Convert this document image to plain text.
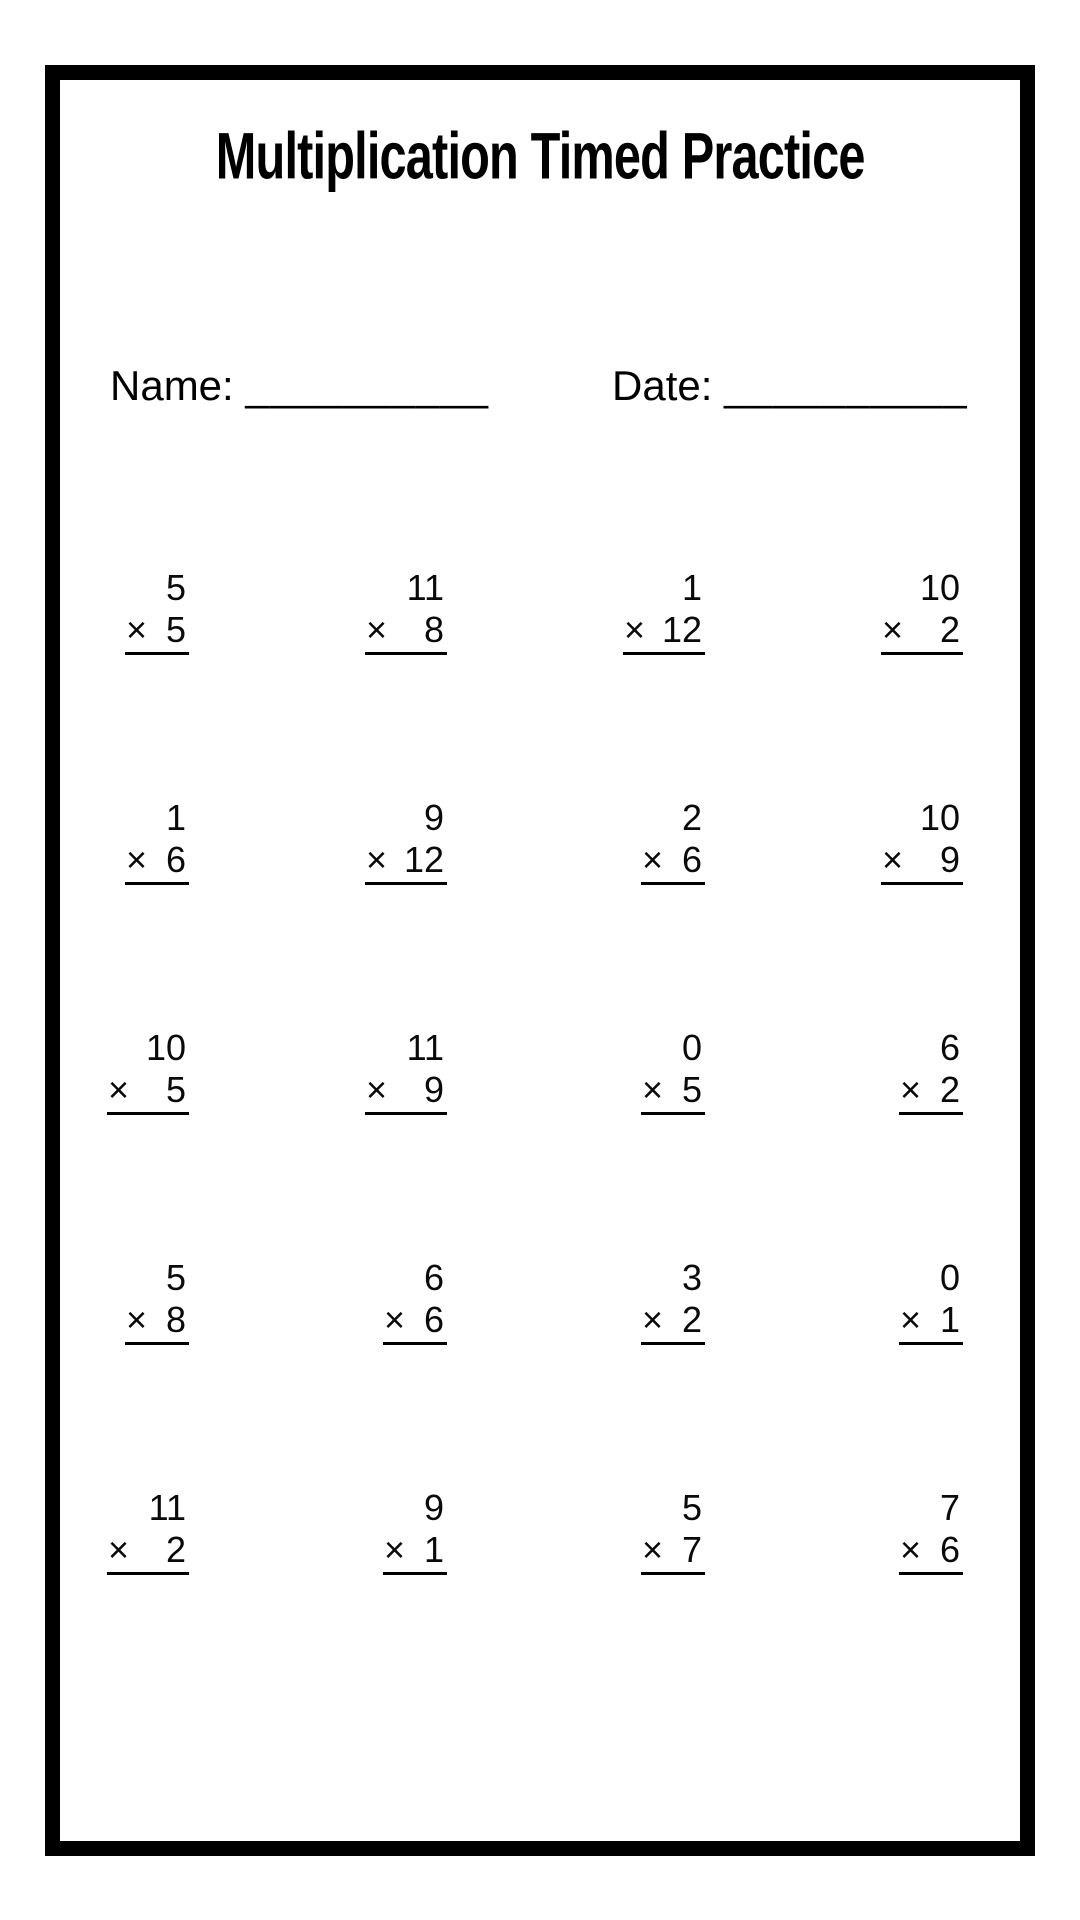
Multiplication Timed Practice
Name: __________	Date: __________
5
× 5
11
× 8
1
× 12
10
× 2
1
× 6
9
× 12
2
× 6
10
× 9
10
× 5
11
× 9
0
× 5
6
× 2
5
× 8
6
× 6
3
× 2
0
× 1
11
× 2
9
× 1
5
× 7
7
× 6
